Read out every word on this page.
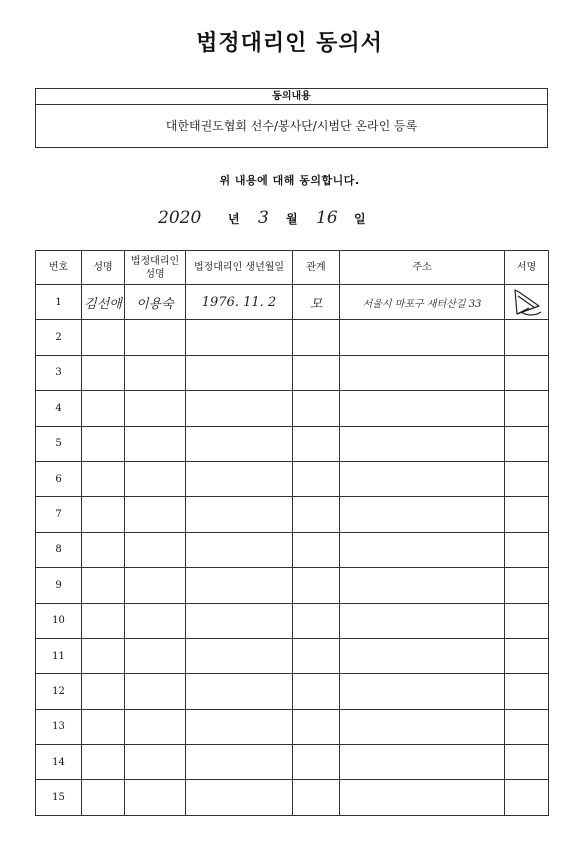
법정대리인 동의서
동의내용
대한태권도협회 선수/봉사단/시범단 온라인 등록
위 내용에 대해 동의합니다.
2020 년 3 월 16 일
번호	성명	법정대리인 성명	법정대리인 생년월일	관계	주소	서명
1	김선애	이용숙	1976. 11. 2	모	서울시 마포구 새터산길 33	

2						
3						
4						
5						
6						
7						
8						
9						
10						
11						
12						
13						
14						
15						
